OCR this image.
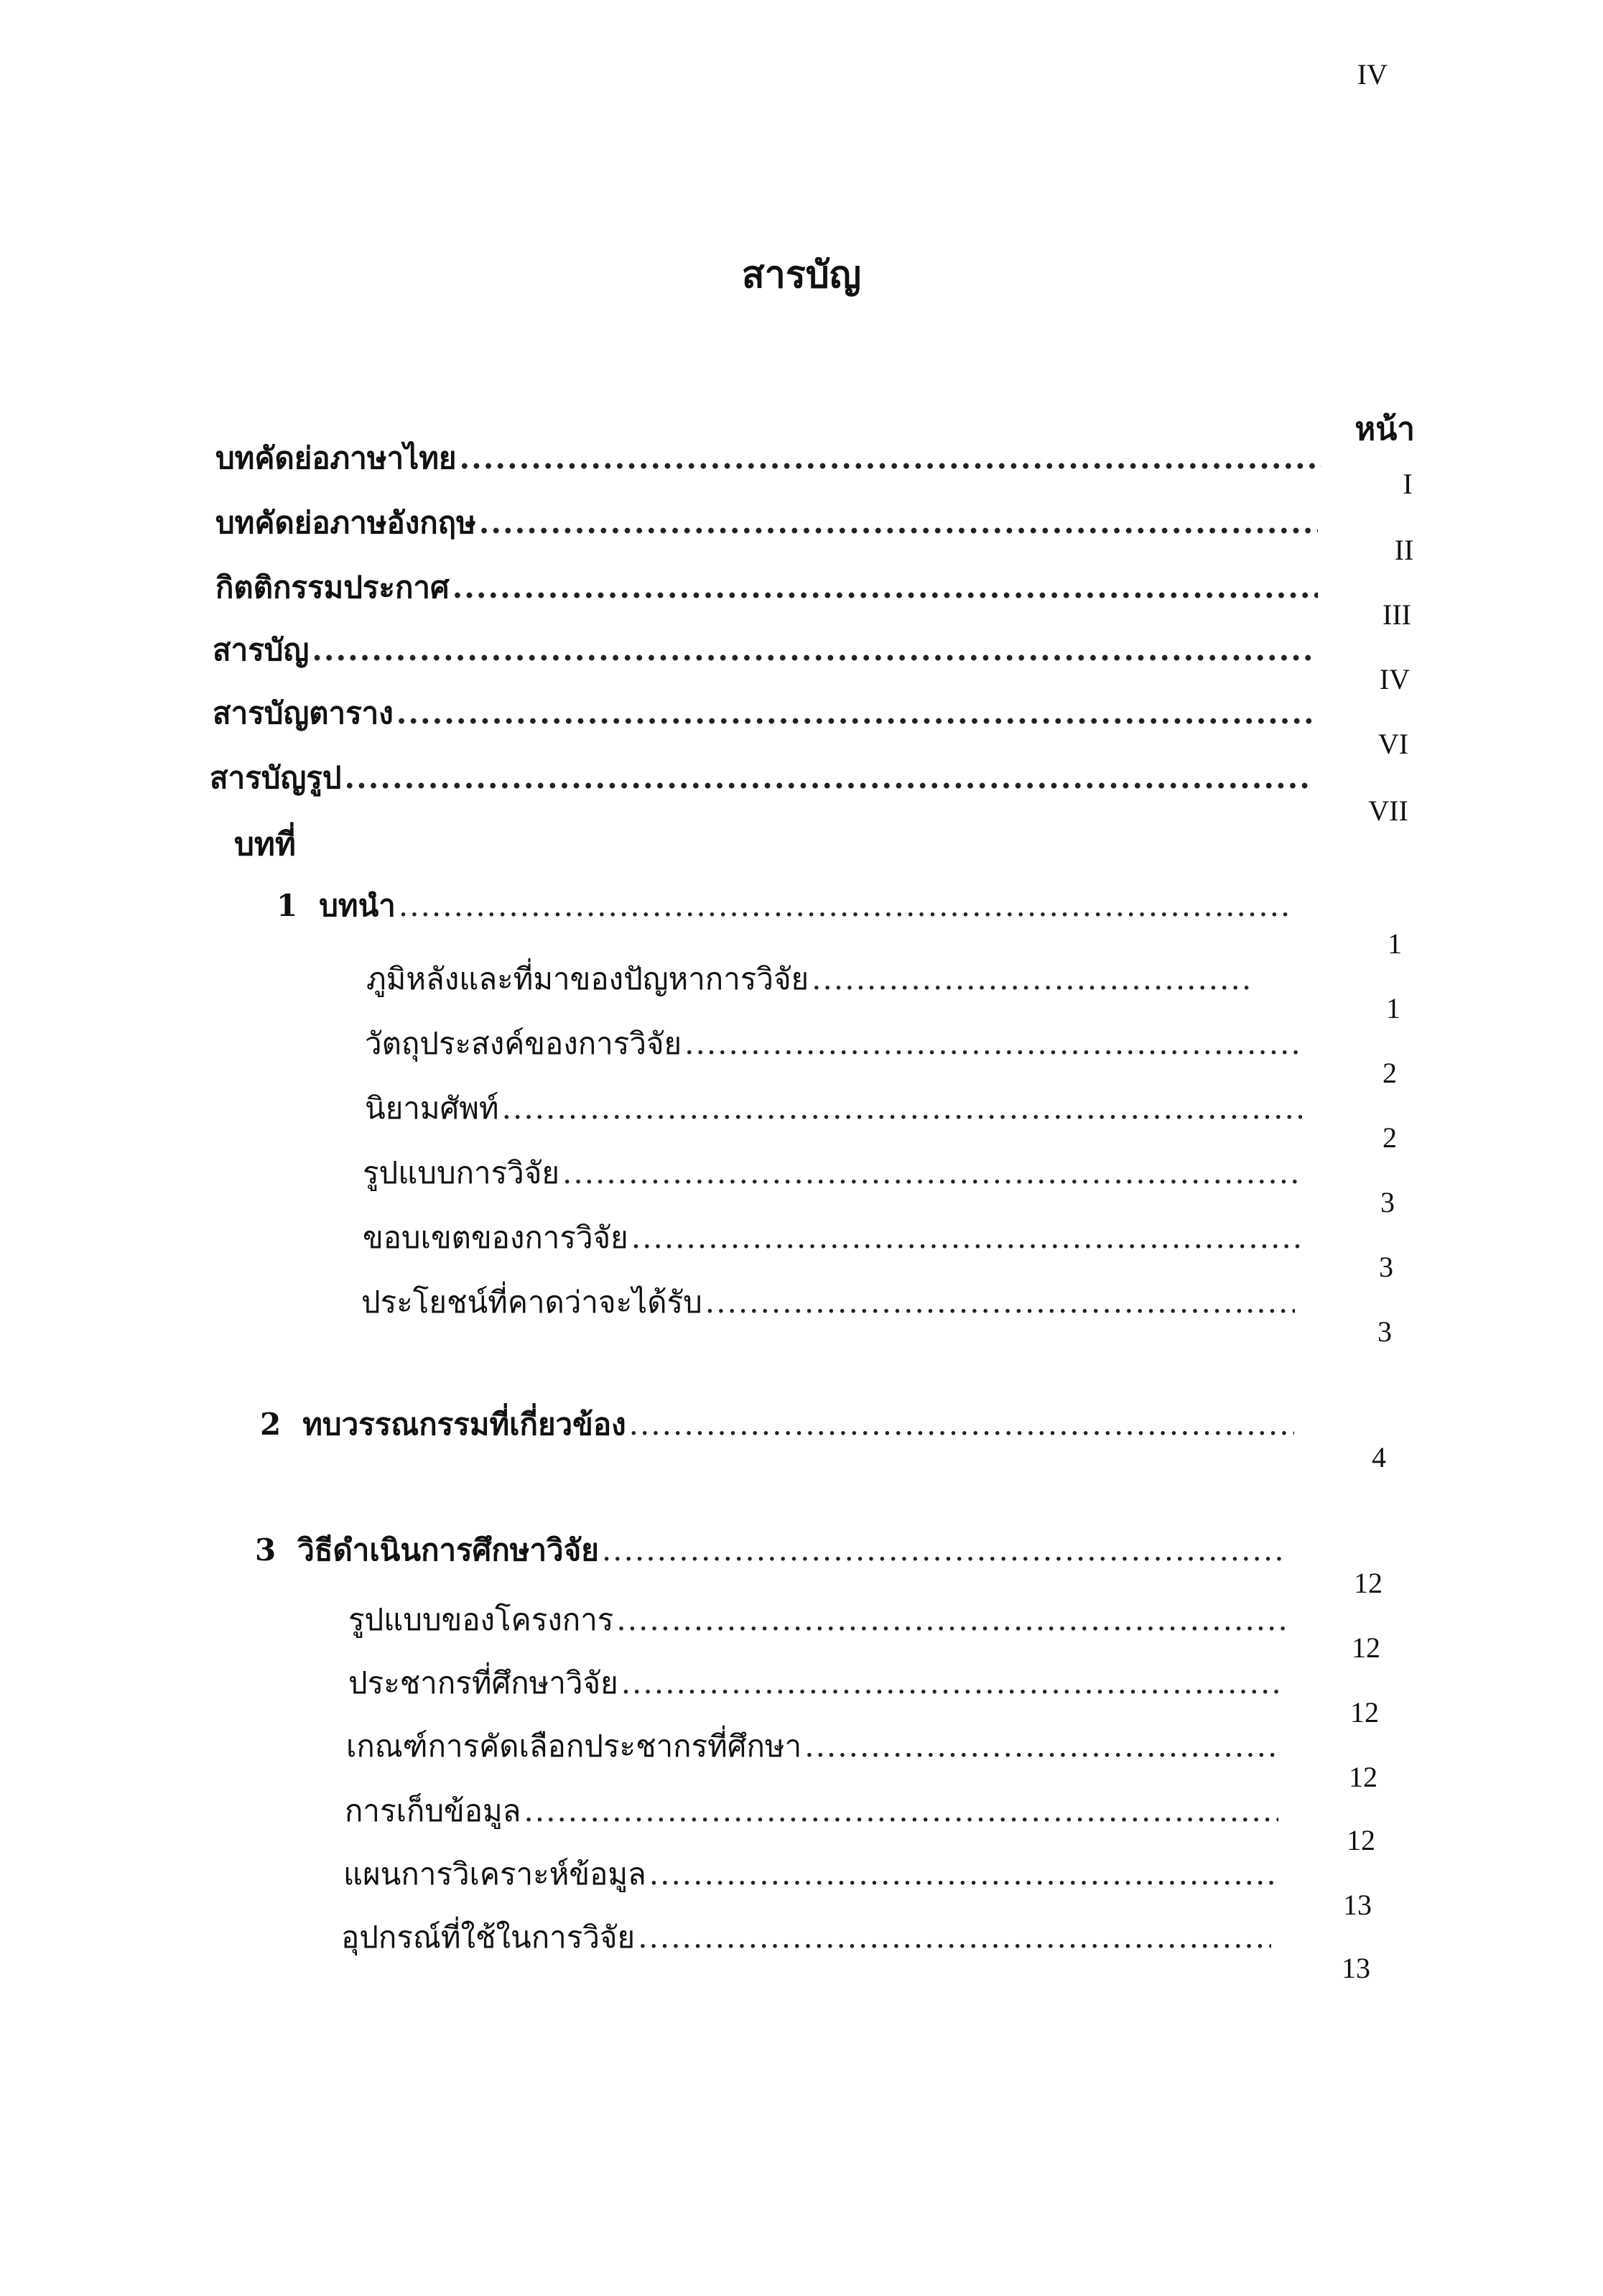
IV
สารบัญ
หน้า
บทคัดย่อภาษาไทย
.....
I
บทคัดย่อภาษอังกฤษ
.....
II
กิตติกรรมประกาศ
.....
III
สารบัญ
.....
IV
สารบัญตาราง
.....
VI
สารบัญรูป
.....
VII
บทที่
1 บทนำ
.....
1
ภูมิหลังและที่มาของปัญหาการวิจัย
.....
1
วัตถุประสงค์ของการวิจัย
.....
2
นิยามศัพท์
.....
2
รูปแบบการวิจัย
.....
3
ขอบเขตของการวิจัย
.....
3
ประโยชน์ที่คาดว่าจะได้รับ
.....
3
2 ทบวรรณกรรมที่เกี่ยวข้อง
.....
4
3 วิธีดำเนินการศึกษาวิจัย
.....
12
รูปแบบของโครงการ
.....
12
ประชากรที่ศึกษาวิจัย
.....
12
เกณฑ์การคัดเลือกประชากรที่ศึกษา
.....
12
การเก็บข้อมูล
.....
12
แผนการวิเคราะห์ข้อมูล
.....
13
อุปกรณ์ที่ใช้ในการวิจัย
.....
13
